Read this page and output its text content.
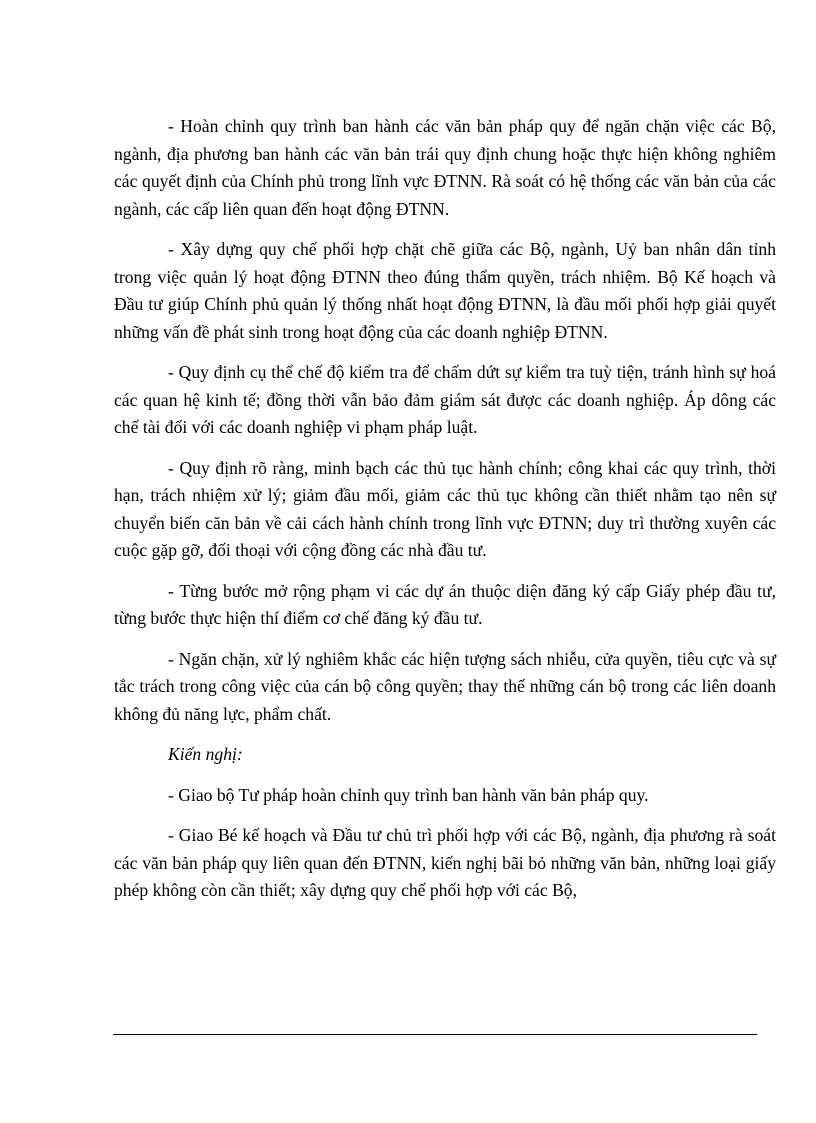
- Hoàn chỉnh quy trình ban hành các văn bản pháp quy để ngăn chặn việc các Bộ, ngành, địa phương ban hành các văn bản trái quy định chung hoặc thực hiện không nghiêm các quyết định của Chính phủ trong lĩnh vực ĐTNN. Rà soát có hệ thống các văn bản của các ngành, các cấp liên quan đến hoạt động ĐTNN.

- Xây dựng quy chế phối hợp chặt chẽ giữa các Bộ, ngành, Uỷ ban nhân dân tỉnh trong việc quản lý hoạt động ĐTNN theo đúng thẩm quyền, trách nhiệm. Bộ Kế hoạch và Đầu tư giúp Chính phủ quản lý thống nhất hoạt động ĐTNN, là đầu mối phối hợp giải quyết những vấn đề phát sinh trong hoạt động của các doanh nghiệp ĐTNN.

- Quy định cụ thể chế độ kiểm tra để chấm dứt sự kiểm tra tuỳ tiện, tránh hình sự hoá các quan hệ kinh tế; đồng thời vẫn bảo đảm giám sát được các doanh nghiệp. Áp dông các chế tài đối với các doanh nghiệp vi phạm pháp luật.

- Quy định rõ ràng, minh bạch các thủ tục hành chính; công khai các quy trình, thời hạn, trách nhiệm xử lý; giảm đầu mối, giảm các thủ tục không cần thiết nhằm tạo nên sự chuyển biến căn bản về cải cách hành chính trong lĩnh vực ĐTNN; duy trì thường xuyên các cuộc gặp gỡ, đối thoại với cộng đồng các nhà đầu tư.

- Từng bước mở rộng phạm vi các dự án thuộc diện đăng ký cấp Giấy phép đầu tư, từng bước thực hiện thí điểm cơ chế đăng ký đầu tư.

- Ngăn chặn, xử lý nghiêm khắc các hiện tượng sách nhiễu, cửa quyền, tiêu cực và sự tắc trách trong công việc của cán bộ công quyền; thay thế những cán bộ trong các liên doanh không đủ năng lực, phẩm chất.

Kiến nghị:

- Giao bộ Tư pháp hoàn chỉnh quy trình ban hành văn bản pháp quy.

- Giao Bé kế hoạch và Đầu tư chủ trì phối hợp với các Bộ, ngành, địa phương rà soát các văn bản pháp quy liên quan đến ĐTNN, kiến nghị bãi bỏ những văn bản, những loại giấy phép không còn cần thiết; xây dựng quy chế phối hợp với các Bộ,
